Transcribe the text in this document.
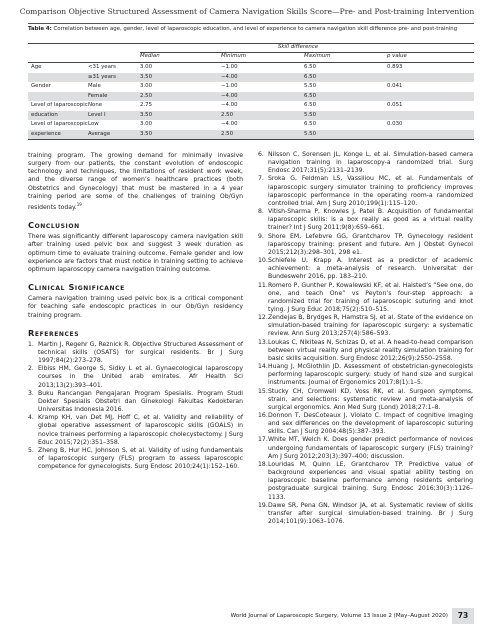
Comparison Objective Structured Assessment of Camera Navigation Skills Score—Pre- and Post-training Intervention
Table 4: Correlation between age, gender, level of laparoscopic education, and level of experience to camera navigation skill difference pre- and post-training
Skill difference
Median	Minimum	Maximum	p value
Age	<31 years	3.00	−1.00	6.50	0.893
≥31 years	3.50	−4.00	6.50
Gender	Male	3.00	−1.00	5.50	0.041
Female	2.50	−4.00	6.50
Level of laparoscopic None	2.75	−4.00	6.50	0.051
education	Level I	3.50	2.50	5.50
Level of laparoscopic Low	3.00	−4.00	6.50	0.030
experience	Average	3.50	2.50	5.50

training program. The growing demand for minimally invasive surgery from our patients, the constant evolution of endoscopic technology and techniques, the limitations of resident work week, and the diverse range of women’s healthcare practices (both Obstetrics and Gynecology) that must be mastered in a 4 year training period are some of the challenges of training Ob/Gyn residents today.$^{19}$

Conclusion

There was significantly different laparoscopy camera navigation skill after training used pelvic box and suggest 3 week duration as optimum time to evaluate training outcome. Female gender and low experience are factors that must notice in training setting to achieve optimum laparoscopy camera navigation training outcome.

Clinical Significance

Camera navigation training used pelvic box is a critical component for teaching safe endoscopic practices in our Ob/Gyn residency training program.

References
1. Martin J, Regehr G, Reznick R. Objective Structured Assessment of technical skills (OSATS) for surgical residents. Br J Surg 1997;84(2):273–278.
2. Elbiss HM, George S, Sidky L et al. Gynaecological laparoscopy courses in the United arab emirates. Afr Health Sci 2013;13(2):393–401.
3. Buku Rancangan Pengajaran Program Spesialis. Program Studi Dokter Spesialis Obstetri dan Ginekologi Fakultas Kedokteran Universitas Indonesia 2016.
4. Kramp KH, van Det MJ, Hoff C, et al. Validity and reliability of global operative assessment of laparoscopic skills (GOALS) in novice trainees performing a laparoscopic cholecystectomy. J Surg Educ 2015;72(2):351–358.
5. Zheng B, Hur HC, Johnson S, et al. Validity of using fundamentals of laparoscopic surgery (FLS) program to assess laparoscopic competence for gynecologists. Surg Endosc 2010;24(1):152–160.
6. Nilsson C, Sorensen JL, Konge L, et al. Simulation-based camera navigation training in laparoscopy-a randomized trial. Surg Endosc 2017;31(5):2131–2139.
7. Sroka G, Feldman LS, Vassiliou MC, et al. Fundamentals of laparoscopic surgery simulator training to proficiency improves laparoscopic performance in the operating room-a randomized controlled trial. Am J Surg 2010;199(1):115–120.
8. Vitish-Sharma P, Knowles J, Patel B. Acquisition of fundamental laparoscopic skills: is a box really as good as a virtual reality trainer? Int J Surg 2011;9(8):659–661.
9. Shore EM, Lefebvre GG, Grantcharov TP. Gynecology resident laparoscopy training: present and future. Am J Obstet Gynecol 2015;212(3):298–301, 298 e1.
10. Schiefele U, Krapp A. Interest as a predictor of academic achievement: a meta-analysis of research. Universitat der Bundeswehr 2016, pp. 183–210.
11. Romero P, Gunther P, Kowalewski KF, et al. Halsted’s “See one, do one, and teach One” vs Peyton’s four-step approach: a randomized trial for training of laparoscopic suturing and knot tying. J Surg Educ 2018;75(2):510–515.
12. Zendejas B, Brydges R, Hamstra SJ, et al. State of the evidence on simulation-based training for laparoscopic surgery: a systematic review. Ann Surg 2013;257(4):586–593.
13. Loukas C, Nikiteas N, Schizas D, et al. A head-to-head comparison between virtual reality and physical reality simulation training for basic skills acquisition. Surg Endosc 2012;26(9):2550–2558.
14. Huang J, McGlothlin JD. Assessment of obstetrician-gynecologists performing laparoscopic surgery: study of hand size and surgical instruments. Journal of Ergonomics 2017;8(1):1–5.
15. Stucky CH, Cromwell KD, Voss RK, et al. Surgeon symptoms, strain, and selections: systematic review and meta-analysis of surgical ergonomics. Ann Med Surg (Lond) 2018;27:1–8.
16. Donnon T, DesCoteaux J, Violato C. Impact of cognitive imaging and sex differences on the development of laparoscopic suturing skills. Can J Surg 2004;48(5):387–393.
17. White MT, Welch K. Does gender predict performance of novices undergoing fundamentals of laparoscopic surgery (FLS) training? Am J Surg 2012;203(3):397–400; discussion.
18. Louridas M, Quinn LE, Grantcharov TP. Predictive value of background experiences and visual spatial ability testing on laparoscopic baseline performance among residents entering postgraduate surgical training. Surg Endosc 2016;30(3):1126–1133.
19. Dawe SR, Pena GN, Windsor JA, et al. Systematic review of skills transfer after surgical simulation-based training. Br J Surg 2014;101(9):1063–1076.
World Journal of Laparoscopic Surgery, Volume 13 Issue 2 (May–August 2020)	73
